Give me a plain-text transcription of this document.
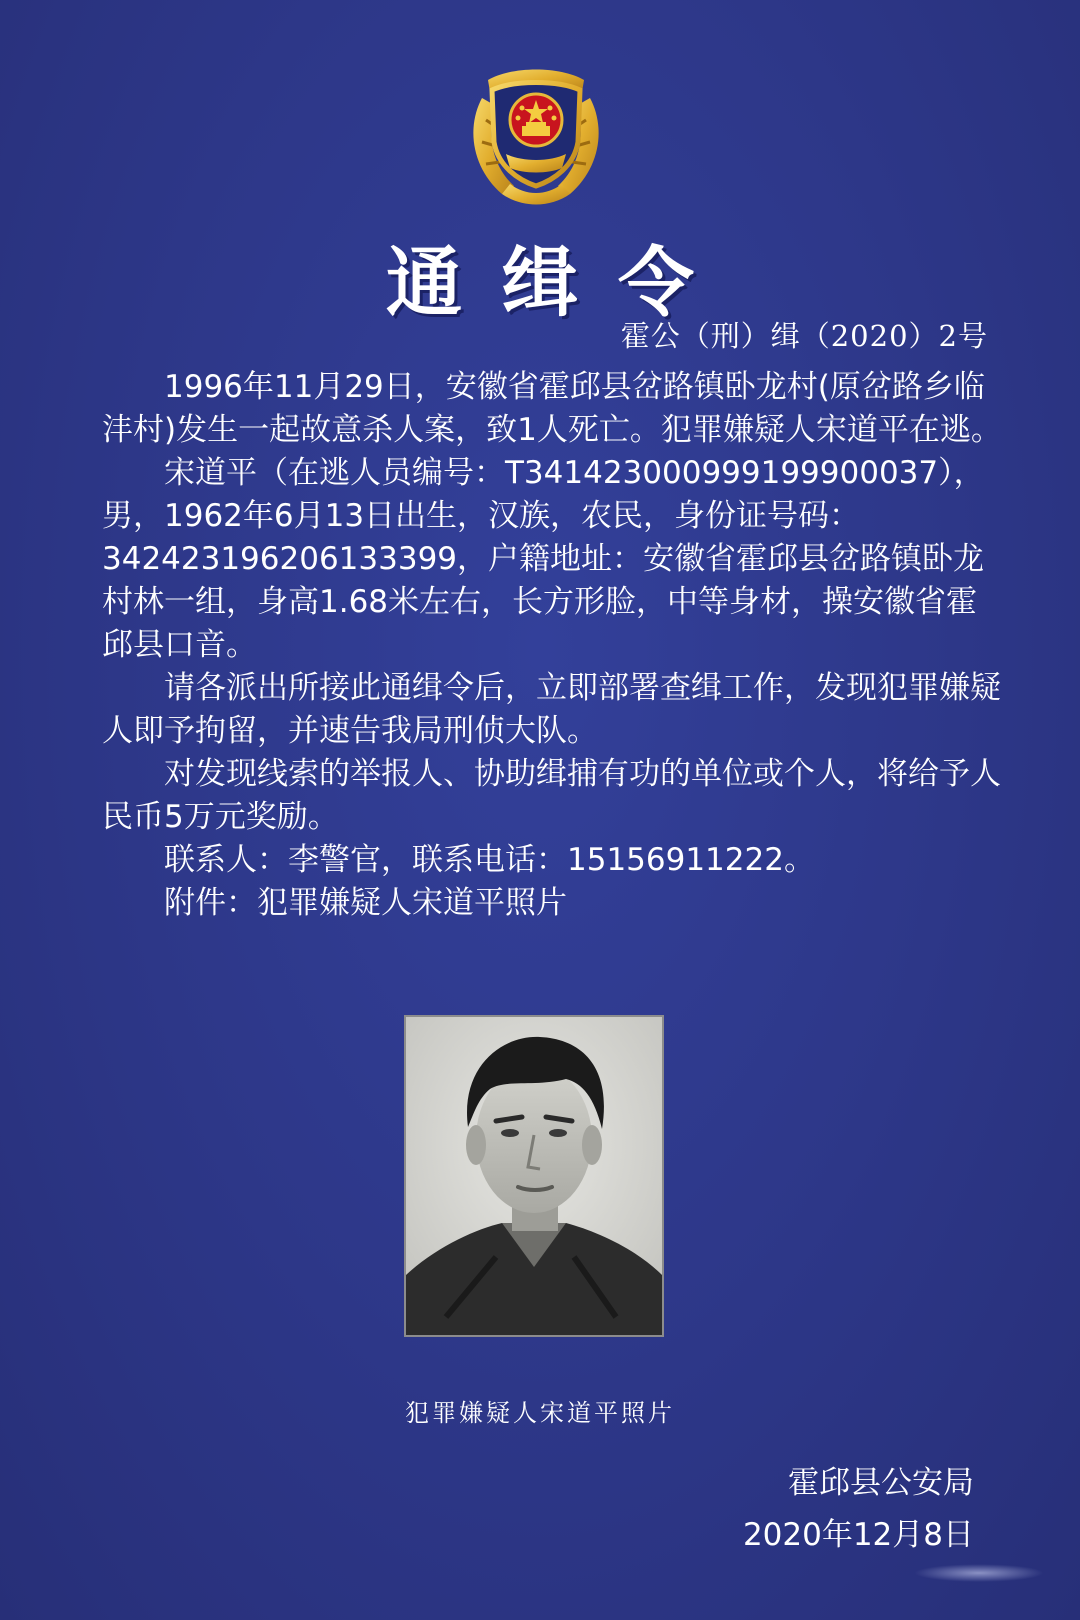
通缉令
霍公（刑）缉（2020）2号

1996年11月29日，安徽省霍邱县岔路镇卧龙村(原岔路乡临沣村)发生一起故意杀人案，致1人死亡。犯罪嫌疑人宋道平在逃。

宋道平（在逃人员编号：T341423000999199900037），男，1962年6月13日出生，汉族，农民，身份证号码：342423196206133399，户籍地址：安徽省霍邱县岔路镇卧龙村林一组，身高1.68米左右，长方形脸，中等身材，操安徽省霍邱县口音。

请各派出所接此通缉令后，立即部署查缉工作，发现犯罪嫌疑人即予拘留，并速告我局刑侦大队。

对发现线索的举报人、协助缉捕有功的单位或个人，将给予人民币5万元奖励。

联系人：李警官，联系电话：15156911222。

附件：犯罪嫌疑人宋道平照片

犯罪嫌疑人宋道平照片
霍邱县公安局
2020年12月8日
